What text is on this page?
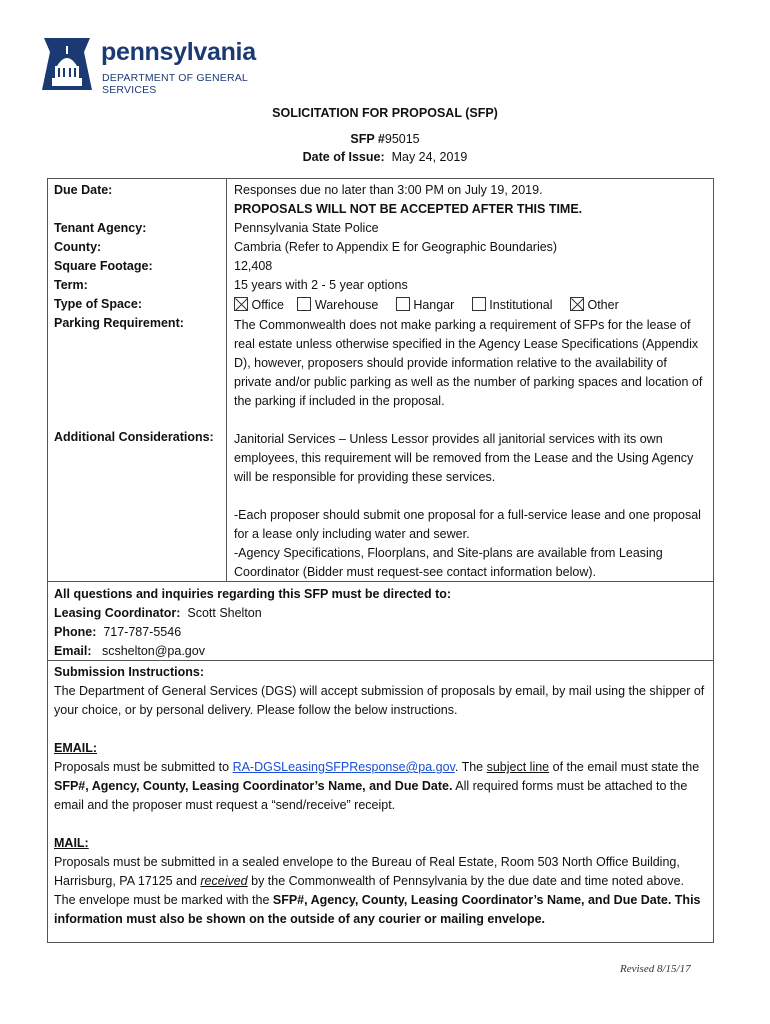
pennsylvania
DEPARTMENT OF GENERAL SERVICES
SOLICITATION FOR PROPOSAL (SFP)
SFP #95015
Date of Issue: May 24, 2019
Due Date:	Responses due no later than 3:00 PM on July 19, 2019.
PROPOSALS WILL NOT BE ACCEPTED AFTER THIS TIME.
Tenant Agency:	Pennsylvania State Police
County:	Cambria (Refer to Appendix E for Geographic Boundaries)
Square Footage:	12,408
Term:	15 years with 2 - 5 year options
Type of Space:	Office Warehouse	Hangar	Institutional	Other
Parking Requirement:	The Commonwealth does not make parking a requirement of SFPs for the lease of real estate unless otherwise specified in the Agency Lease Specifications (Appendix D), however, proposers should provide information relative to the availability of private and/or public parking as well as the number of parking spaces and location of the parking if included in the proposal.
Additional Considerations: Janitorial Services – Unless Lessor provides all janitorial services with its own employees, this requirement will be removed from the Lease and the Using Agency will be responsible for providing these services.
-Each proposer should submit one proposal for a full-service lease and one proposal for a lease only including water and sewer.
-Agency Specifications, Floorplans, and Site-plans are available from Leasing Coordinator (Bidder must request-see contact information below).
All questions and inquiries regarding this SFP must be directed to:
Leasing Coordinator: Scott Shelton
Phone: 717-787-5546
Email: scshelton@pa.gov
Submission Instructions:
The Department of General Services (DGS) will accept submission of proposals by email, by mail using the shipper of your choice, or by personal delivery. Please follow the below instructions.
EMAIL:
Proposals must be submitted to RA-DGSLeasingSFPResponse@pa.gov. The subject line of the email must state the SFP#, Agency, County, Leasing Coordinator’s Name, and Due Date. All required forms must be attached to the email and the proposer must request a “send/receive” receipt.
MAIL:
Proposals must be submitted in a sealed envelope to the Bureau of Real Estate, Room 503 North Office Building, Harrisburg, PA 17125 and received by the Commonwealth of Pennsylvania by the due date and time noted above. The envelope must be marked with the SFP#, Agency, County, Leasing Coordinator’s Name, and Due Date. This information must also be shown on the outside of any courier or mailing envelope.
Revised 8/15/17
